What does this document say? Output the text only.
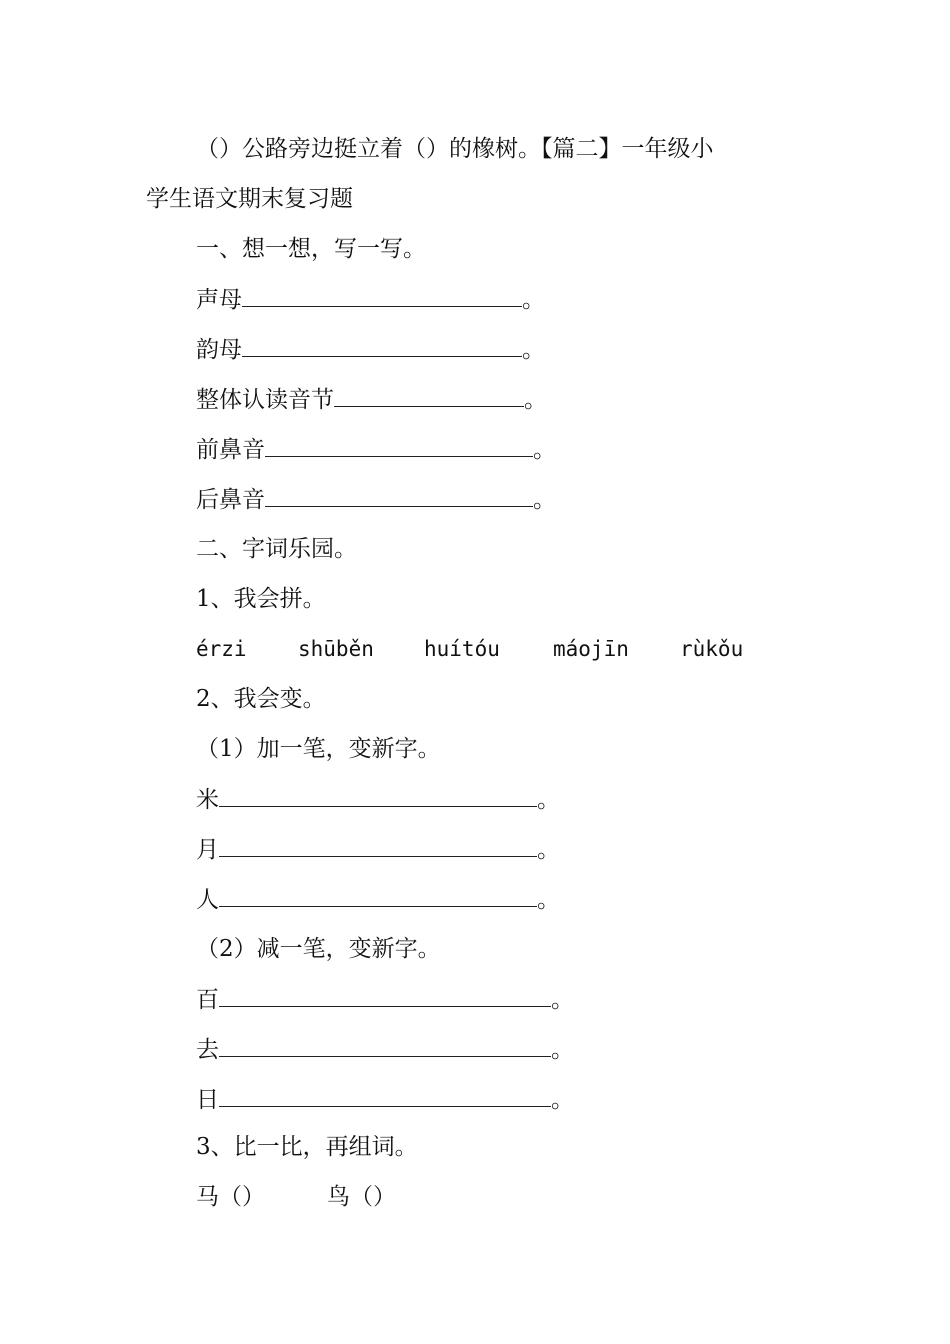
（）公路旁边挺立着（）的橡树。【篇二】一年级小
学生语文期末复习题
一、想一想，写一写。
声母	。
韵母	。
整体认读音节	。
前鼻音	。
后鼻音	。
二、字词乐园。
1、我会拼。
érzi shūběn huítóu	máojīn rùkǒu
2、我会变。
（1）加一笔，变新字。
米	。
月	。
人	。
（2）减一笔，变新字。
百	。
去	。
日	。
3、比一比，再组词。
马（）	鸟（）
